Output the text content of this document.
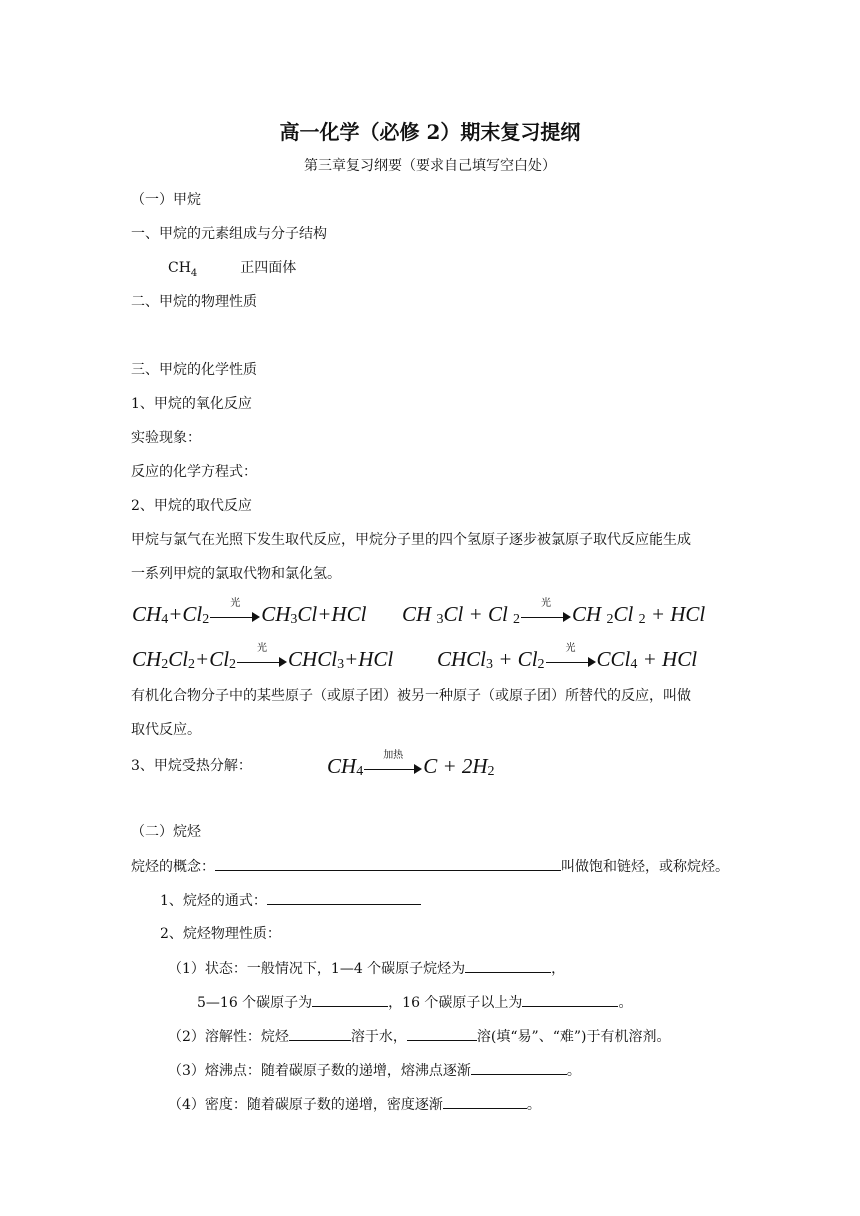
高一化学（必修 2）期末复习提纲
第三章复习纲要（要求自己填写空白处）
（一）甲烷
一、甲烷的元素组成与分子结构
$CH_4$	正四面体
二、甲烷的物理性质
三、甲烷的化学性质
1、甲烷的氧化反应
实验现象：
反应的化学方程式：
2、甲烷的取代反应
甲烷与氯气在光照下发生取代反应，甲烷分子里的四个氢原子逐步被氯原子取代反应能生成
一系列甲烷的氯取代物和氯化氢。
CH4+Cl2
光	CH3Cl+HCl CH 3Cl + Cl 2
光	CH 2Cl 2 + HCl
CH2Cl2+Cl2
光	CHCl3+HCl CHCl3 + Cl2
光	CCl4 + HCl
有机化合物分子中的某些原子（或原子团）被另一种原子（或原子团）所替代的反应，叫做
取代反应。
3、甲烷受热分解：	CH4
加热 C + 2H2
（二）烷烃
烷烃的概念：	叫做饱和链烃，或称烷烃。
1、烷烃的通式：
2、烷烃物理性质：
（1）状态：一般情况下，1—4 个碳原子烷烃为	，
5—16 个碳原子为	，16 个碳原子以上为	。
（2）溶解性：烷烃	溶于水，	溶(填“易”、“难”)于有机溶剂。
（3）熔沸点：随着碳原子数的递增，熔沸点逐渐	。
（4）密度：随着碳原子数的递增，密度逐渐	。
